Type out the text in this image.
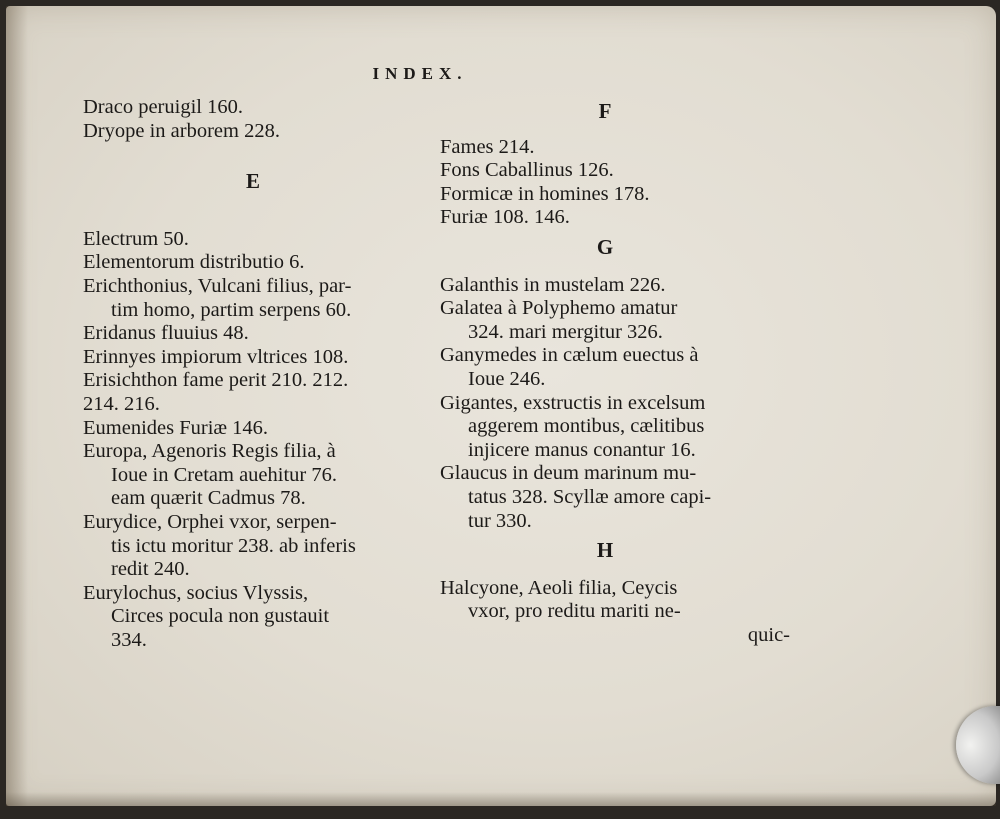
INDEX.
Draco peruigil 160.
Dryope in arborem 228.
E
Electrum 50.
Elementorum distributio 6.
Erichthonius, Vulcani filius, par-
tim homo, partim serpens 60.
Eridanus fluuius 48.
Erinnyes impiorum vltrices 108.
Erisichthon fame perit 210. 212.
214. 216.
Eumenides Furiæ 146.
Europa, Agenoris Regis filia, à
Ioue in Cretam auehitur 76.
eam quærit Cadmus 78.
Eurydice, Orphei vxor, serpen-
tis ictu moritur 238. ab inferis
redit 240.
Eurylochus, socius Vlyssis,
Circes pocula non gustauit
334.
F
Fames 214.
Fons Caballinus 126.
Formicæ in homines 178.
Furiæ 108. 146.
G
Galanthis in mustelam 226.
Galatea à Polyphemo amatur
324. mari mergitur 326.
Ganymedes in cælum euectus à
Ioue 246.
Gigantes, exstructis in excelsum
aggerem montibus, cælitibus
injicere manus conantur 16.
Glaucus in deum marinum mu-
tatus 328. Scyllæ amore capi-
tur 330.
H
Halcyone, Aeoli filia, Ceycis
vxor, pro reditu mariti ne-
quic-
